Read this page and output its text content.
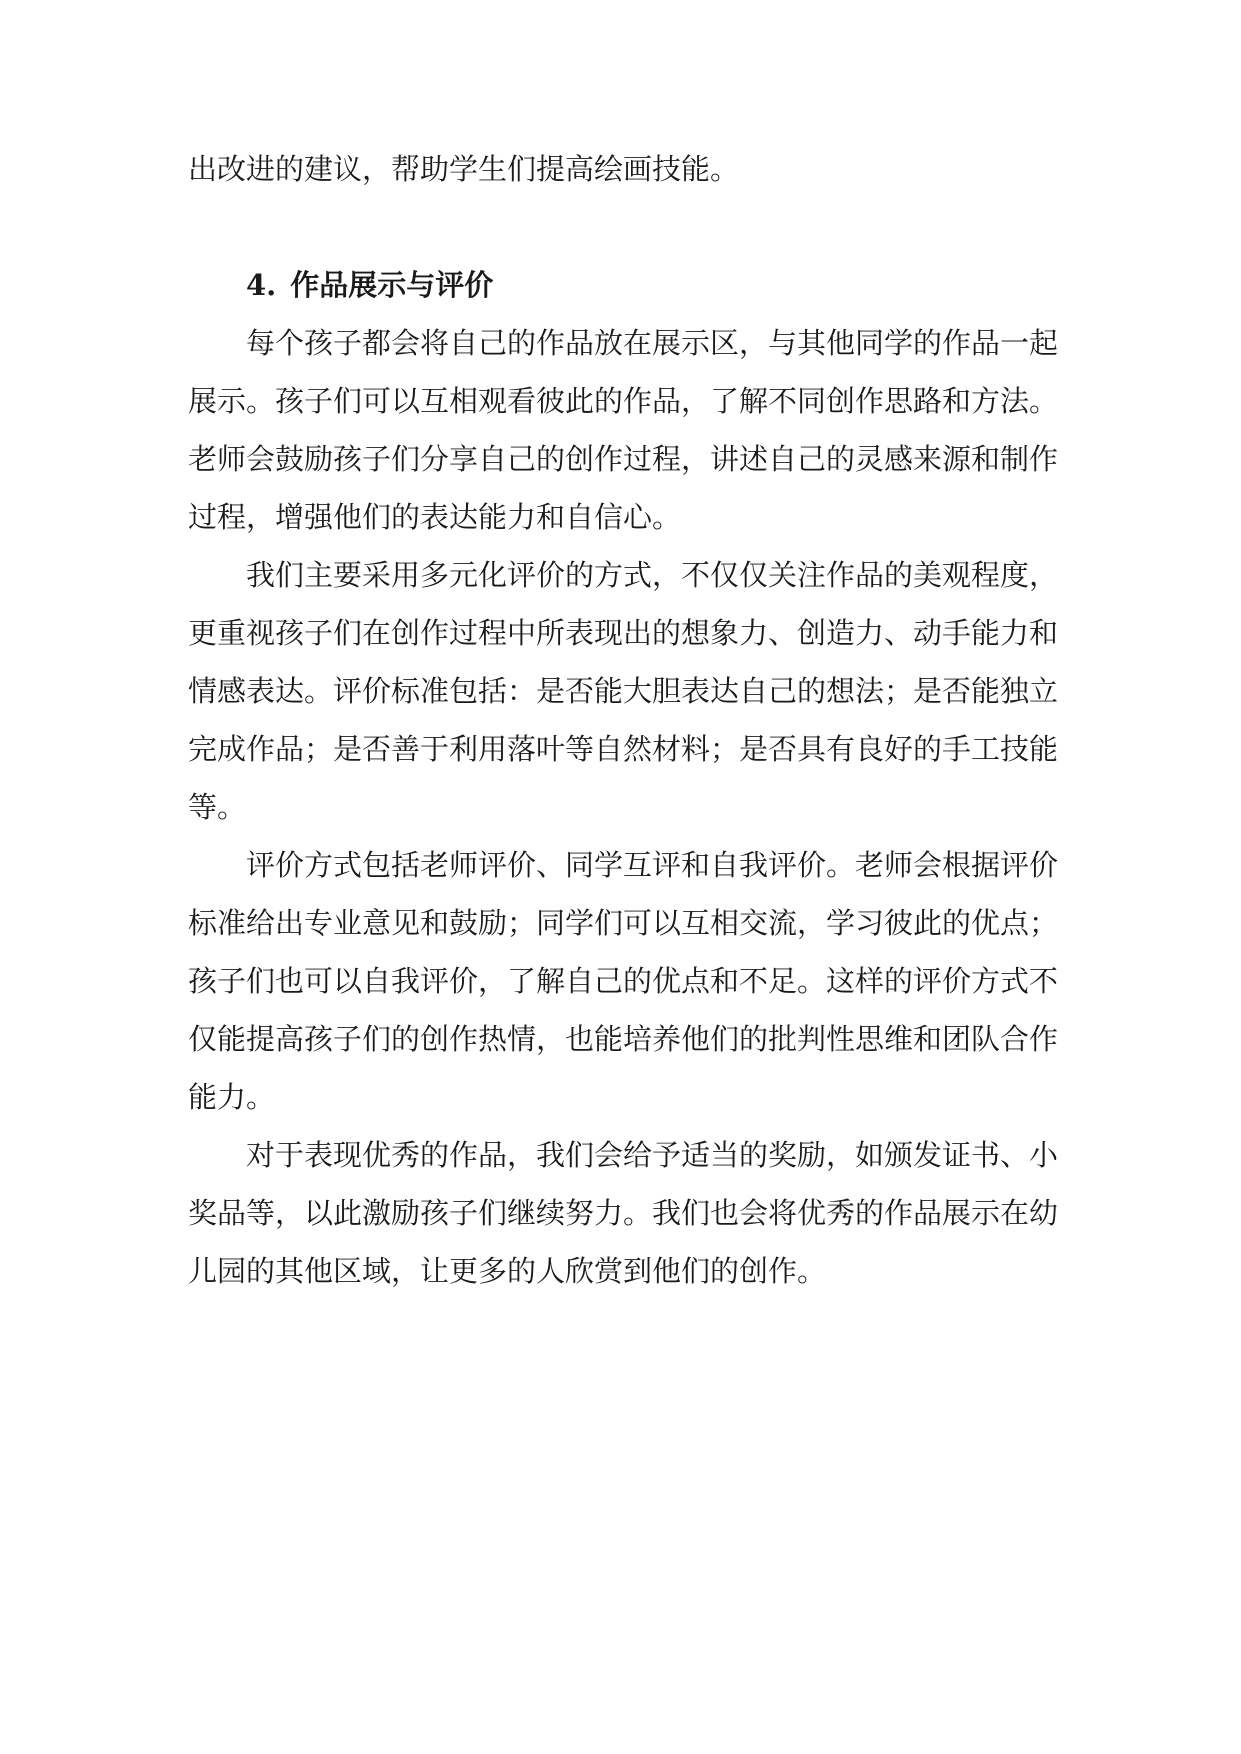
出改进的建议，帮助学生们提高绘画技能。

4. 作品展示与评价

每个孩子都会将自己的作品放在展示区，与其他同学的作品一起展示。孩子们可以互相观看彼此的作品，了解不同创作思路和方法。老师会鼓励孩子们分享自己的创作过程，讲述自己的灵感来源和制作过程，增强他们的表达能力和自信心。

我们主要采用多元化评价的方式，不仅仅关注作品的美观程度，更重视孩子们在创作过程中所表现出的想象力、创造力、动手能力和情感表达。评价标准包括：是否能大胆表达自己的想法；是否能独立完成作品；是否善于利用落叶等自然材料；是否具有良好的手工技能等。

评价方式包括老师评价、同学互评和自我评价。老师会根据评价标准给出专业意见和鼓励；同学们可以互相交流，学习彼此的优点；孩子们也可以自我评价，了解自己的优点和不足。这样的评价方式不仅能提高孩子们的创作热情，也能培养他们的批判性思维和团队合作能力。

对于表现优秀的作品，我们会给予适当的奖励，如颁发证书、小奖品等，以此激励孩子们继续努力。我们也会将优秀的作品展示在幼儿园的其他区域，让更多的人欣赏到他们的创作。
